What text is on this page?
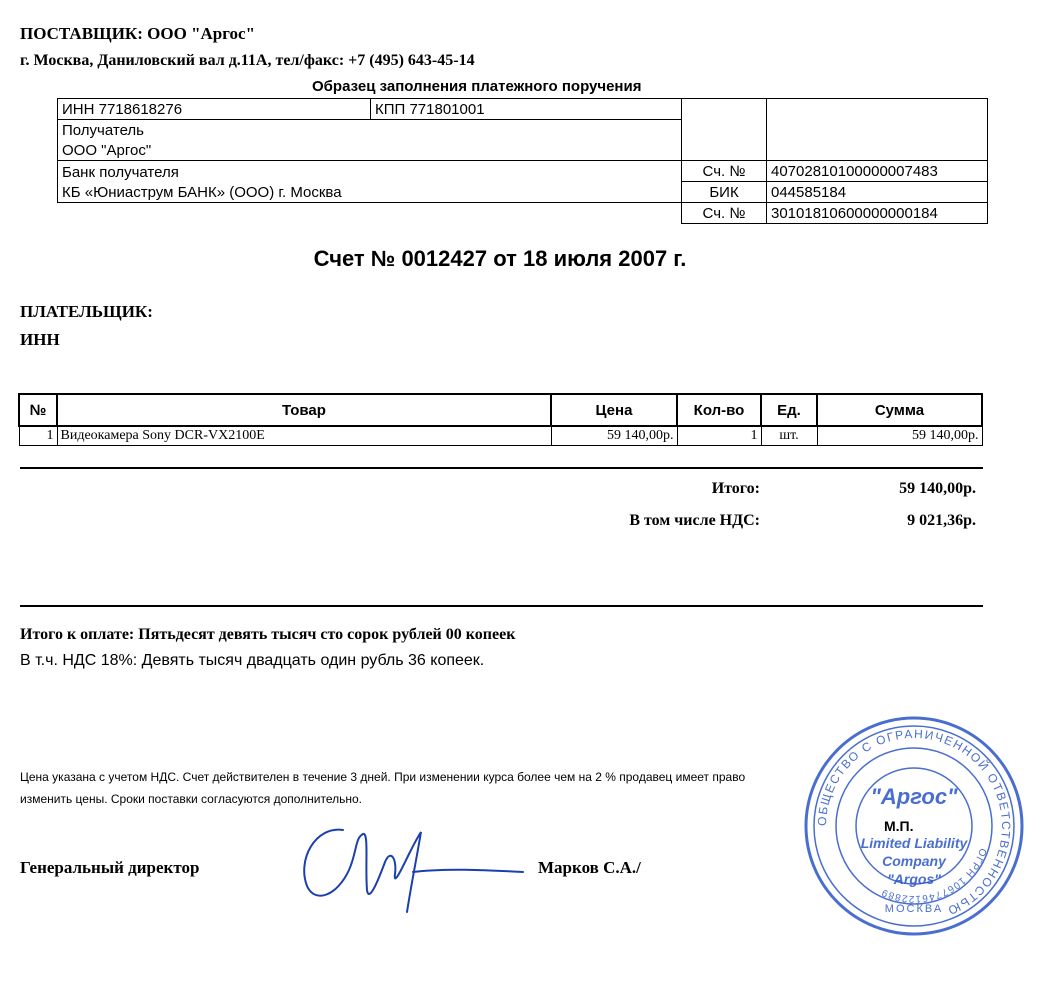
ПОСТАВЩИК: ООО "Аргос"
г. Москва, Даниловский вал д.11А, тел/факс: +7 (495) 643-45-14
Образец заполнения платежного поручения
ИНН 7718618276	КПП 771801001		
Получатель			
ООО "Аргос"			
Банк получателя		Сч. №	40702810100000007483
КБ «Юниаструм БАНК» (ООО) г. Москва		БИК	044585184
		Сч. №	30101810600000000184
Счет № 0012427 от 18 июля 2007 г.
ПЛАТЕЛЬЩИК:
ИНН
№	Товар	Цена	Кол-во	Ед.	Сумма
1	Видеокамера Sony DCR-VX2100E	59 140,00р.	1	шт.	59 140,00р.
Итого:	59 140,00р.
В том числе НДС:	9 021,36р.
Итого к оплате: Пятьдесят девять тысяч сто сорок рублей 00 копеек
В т.ч. НДС 18%: Девять тысяч двадцать один рубль 36 копеек.
Цена указана с учетом НДС. Счет действителен в течение 3 дней. При изменении курса более чем на 2 % продавец имеет право
изменить цены. Сроки поставки согласуются дополнительно.
ОБЩЕСТВО С ОГРАНИЧЕННОЙ ОТВЕТСТВЕННОСТЬЮ
ОГРН 1067746122889
"Аргос"
Limited Liability
Company
"Argos"
МОСКВА
М.П.
Генеральный директор	Марков С.А./
